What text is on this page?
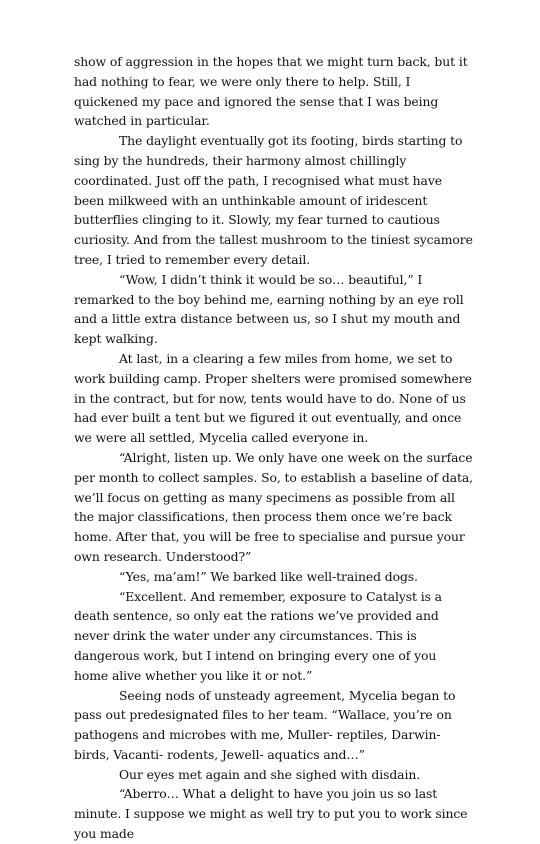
show of aggression in the hopes that we might turn back, but it had nothing to fear, we were only there to help. Still, I quickened my pace and ignored the sense that I was being watched in particular.

The daylight eventually got its footing, birds starting to sing by the hundreds, their harmony almost chillingly coordinated. Just off the path, I recognised what must have been milkweed with an unthinkable amount of iridescent butterflies clinging to it. Slowly, my fear turned to cautious curiosity. And from the tallest mushroom to the tiniest sycamore tree, I tried to remember every detail.

“Wow, I didn’t think it would be so… beautiful,” I remarked to the boy behind me, earning nothing by an eye roll and a little extra distance between us, so I shut my mouth and kept walking.

At last, in a clearing a few miles from home, we set to work building camp. Proper shelters were promised somewhere in the contract, but for now, tents would have to do. None of us had ever built a tent but we figured it out eventually, and once we were all settled, Mycelia called everyone in.

“Alright, listen up. We only have one week on the surface per month to collect samples. So, to establish a baseline of data, we’ll focus on getting as many specimens as possible from all the major classifications, then process them once we’re back home. After that, you will be free to specialise and pursue your own research. Understood?”

“Yes, ma’am!” We barked like well-trained dogs.

“Excellent. And remember, exposure to Catalyst is a death sentence, so only eat the rations we’ve provided and never drink the water under any circumstances. This is dangerous work, but I intend on bringing every one of you home alive whether you like it or not.”

Seeing nods of unsteady agreement, Mycelia began to pass out predesignated files to her team. “Wallace, you’re on pathogens and microbes with me, Muller- reptiles, Darwin- birds, Vacanti- rodents, Jewell- aquatics and…”

Our eyes met again and she sighed with disdain.

“Aberro… What a delight to have you join us so last minute. I suppose we might as well try to put you to work since you made
